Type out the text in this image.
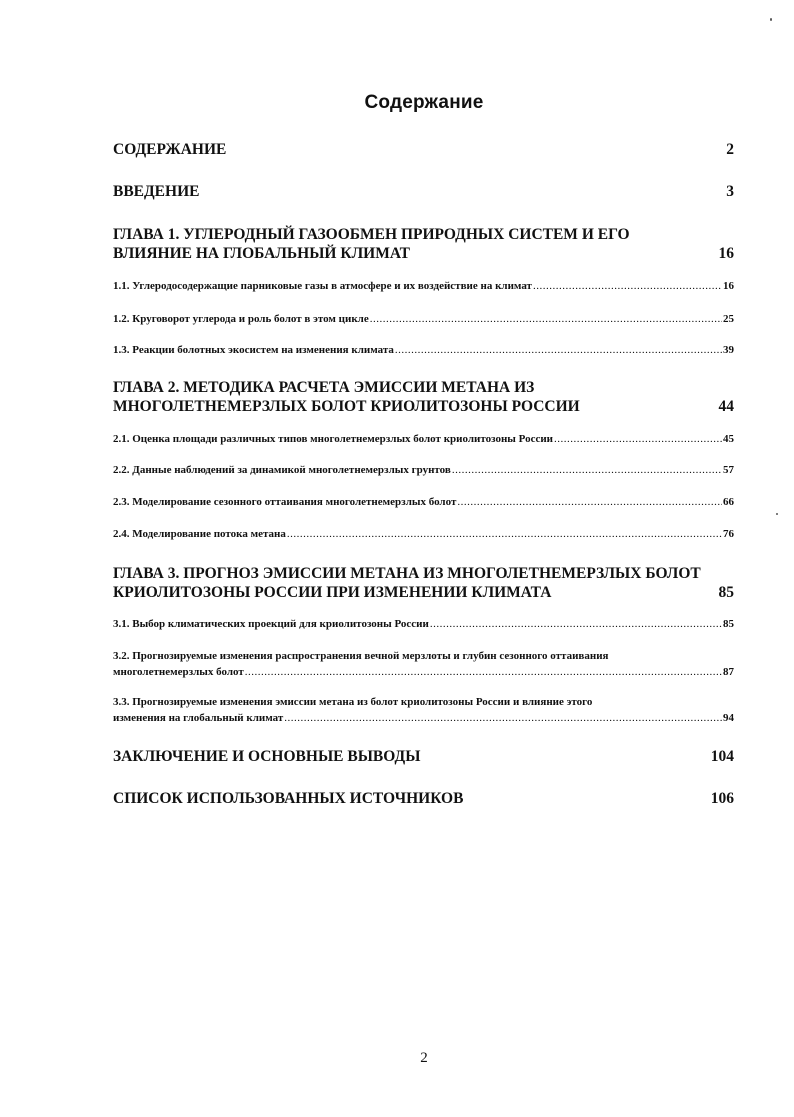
Содержание
СОДЕРЖАНИЕ	2
ВВЕДЕНИЕ	3
ГЛАВА 1. УГЛЕРОДНЫЙ ГАЗООБМЕН ПРИРОДНЫХ СИСТЕМ И ЕГО
ВЛИЯНИЕ НА ГЛОБАЛЬНЫЙ КЛИМАТ	16
1.1. Углеродосодержащие парниковые газы в атмосфере и их воздействие на климат .....	16
1.2. Круговорот углерода и роль болот в этом цикле .....	25
1.3. Реакции болотных экосистем на изменения климата .....	39
ГЛАВА 2. МЕТОДИКА РАСЧЕТА ЭМИССИИ МЕТАНА ИЗ
МНОГОЛЕТНЕМЕРЗЛЫХ БОЛОТ КРИОЛИТОЗОНЫ РОССИИ	44
2.1. Оценка площади различных типов многолетнемерзлых болот криолитозоны России .....	45
2.2. Данные наблюдений за динамикой многолетнемерзлых грунтов .....	57
2.3. Моделирование сезонного оттаивания многолетнемерзлых болот .....	66
2.4. Моделирование потока метана .....	76
ГЛАВА 3. ПРОГНОЗ ЭМИССИИ МЕТАНА ИЗ МНОГОЛЕТНЕМЕРЗЛЫХ БОЛОТ
КРИОЛИТОЗОНЫ РОССИИ ПРИ ИЗМЕНЕНИИ КЛИМАТА	85
3.1. Выбор климатических проекций для криолитозоны России .....	85
3.2. Прогнозируемые изменения распространения вечной мерзлоты и глубин сезонного оттаивания
многолетнемерзлых болот .....	87
3.3. Прогнозируемые изменения эмиссии метана из болот криолитозоны России и влияние этого
изменения на глобальный климат .....	94
ЗАКЛЮЧЕНИЕ И ОСНОВНЫЕ ВЫВОДЫ	104
СПИСОК ИСПОЛЬЗОВАННЫХ ИСТОЧНИКОВ	106
2
